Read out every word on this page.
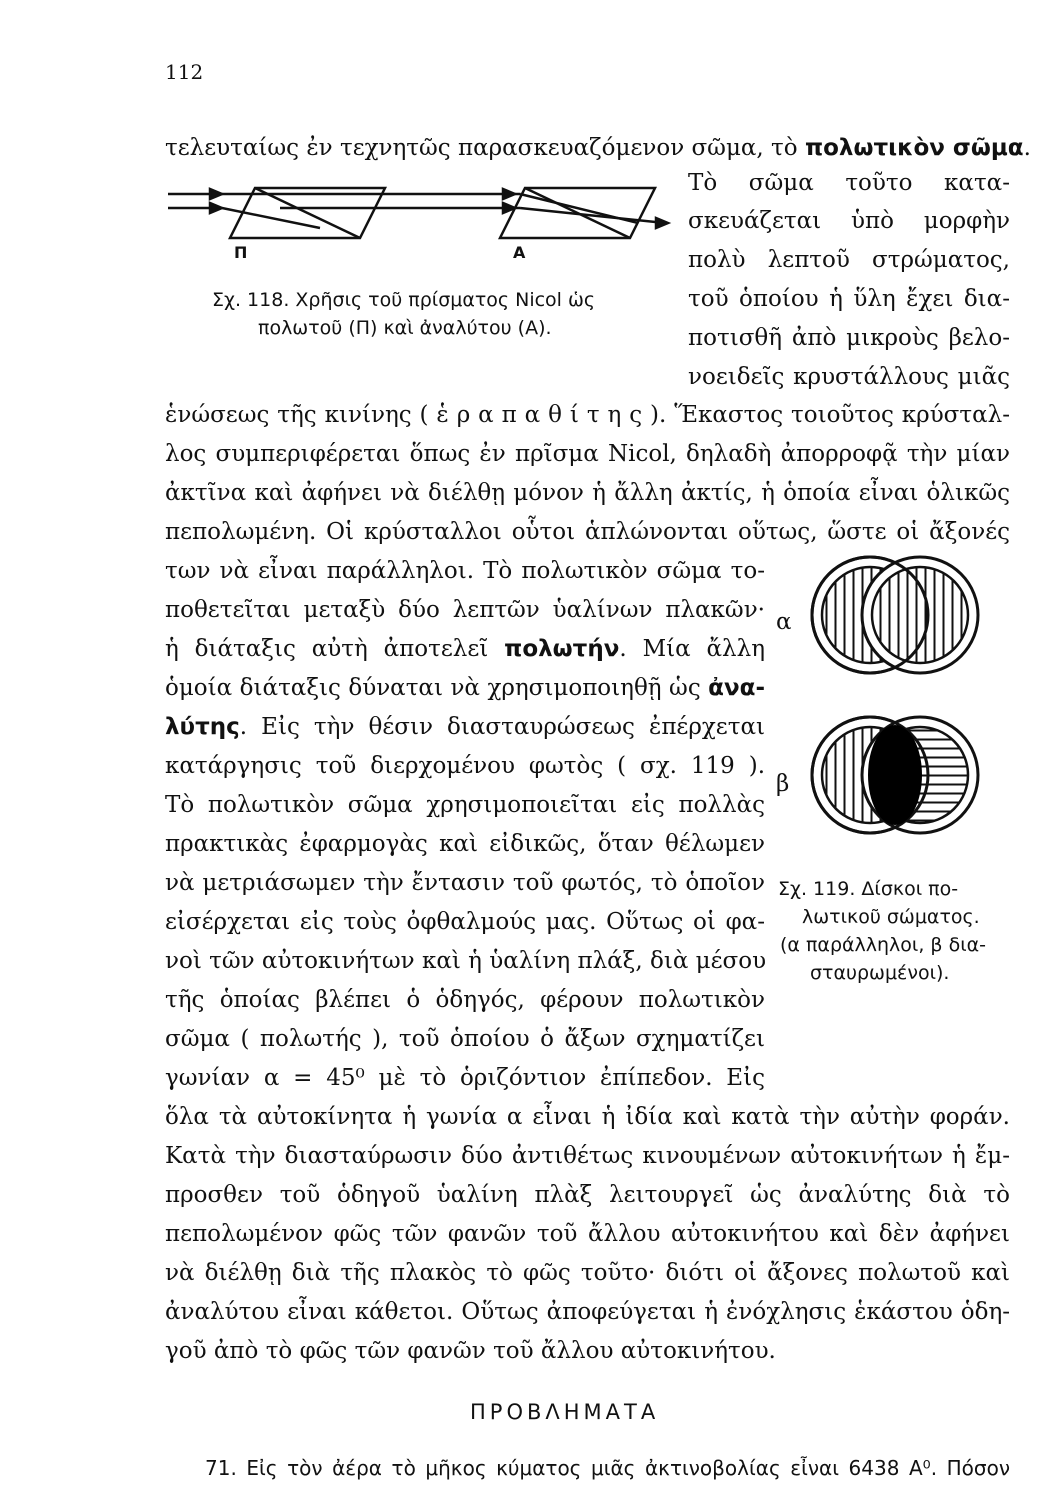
112
τελευταίως ἐν τεχνητῶς παρασκευαζόμενον σῶμα, τὸ πολωτικὸν σῶμα.
Π	Α
Σχ. 118. Χρῆσις τοῦ πρίσματος Nicol ὡς
πολωτοῦ (Π) καὶ ἀναλύτου (Α).
Τὸ σῶμα τοῦτο κατα-
σκευάζεται ὑπὸ μορφὴν
πολὺ λεπτοῦ στρώματος,
τοῦ ὁποίου ἡ ὕλη ἔχει δια-
ποτισθῆ ἀπὸ μικροὺς βελο-
νοειδεῖς κρυστάλλους μιᾶς
ἑνώσεως τῆς κινίνης ( ἑ ρ α π α θ ί τ η ς ). Ἕκαστος τοιοῦτος κρύσταλ-
λος συμπεριφέρεται ὅπως ἐν πρῖσμα Nicol, δηλαδὴ ἀπορροφᾷ τὴν μίαν
ἀκτῖνα καὶ ἀφήνει νὰ διέλθῃ μόνον ἡ ἄλλη ἀκτίς, ἡ ὁποία εἶναι ὁλικῶς
πεπολωμένη. Οἱ κρύσταλλοι οὗτοι ἁπλώνονται οὕτως, ὥστε οἱ ἄξονές
των νὰ εἶναι παράλληλοι. Τὸ πολωτικὸν σῶμα το-
ποθετεῖται μεταξὺ δύο λεπτῶν ὑαλίνων πλακῶν·
ἡ διάταξις αὐτὴ ἀποτελεῖ πολωτήν. Μία ἄλλη
ὁμοία διάταξις δύναται νὰ χρησιμοποιηθῇ ὡς ἀνα-
λύτης. Εἰς τὴν θέσιν διασταυρώσεως ἐπέρχεται
κατάργησις τοῦ διερχομένου φωτὸς ( σχ. 119 ).
Τὸ πολωτικὸν σῶμα χρησιμοποιεῖται εἰς πολλὰς
πρακτικὰς ἐφαρμογὰς καὶ εἰδικῶς, ὅταν θέλωμεν
νὰ μετριάσωμεν τὴν ἔντασιν τοῦ φωτός, τὸ ὁποῖον
εἰσέρχεται εἰς τοὺς ὀφθαλμούς μας. Οὕτως οἱ φα-
νοὶ τῶν αὐτοκινήτων καὶ ἡ ὑαλίνη πλάξ, διὰ μέσου
τῆς ὁποίας βλέπει ὁ ὁδηγός, φέρουν πολωτικὸν
σῶμα ( πολωτής ), τοῦ ὁποίου ὁ ἄξων σχηματίζει
γωνίαν α = 45⁰ μὲ τὸ ὁριζόντιον ἐπίπεδον. Εἰς
α
β
Σχ. 119. Δίσκοι πο-
λωτικοῦ σώματος.
(α παράλληλοι, β δια-
σταυρωμένοι).
ὅλα τὰ αὐτοκίνητα ἡ γωνία α εἶναι ἡ ἰδία καὶ κατὰ τὴν αὐτὴν φοράν.
Κατὰ τὴν διασταύρωσιν δύο ἀντιθέτως κινουμένων αὐτοκινήτων ἡ ἔμ-
προσθεν τοῦ ὁδηγοῦ ὑαλίνη πλὰξ λειτουργεῖ ὡς ἀναλύτης διὰ τὸ
πεπολωμένον φῶς τῶν φανῶν τοῦ ἄλλου αὐτοκινήτου καὶ δὲν ἀφήνει
νὰ διέλθῃ διὰ τῆς πλακὸς τὸ φῶς τοῦτο· διότι οἱ ἄξονες πολωτοῦ καὶ
ἀναλύτου εἶναι κάθετοι. Οὕτως ἀποφεύγεται ἡ ἐνόχλησις ἑκάστου ὁδη-
γοῦ ἀπὸ τὸ φῶς τῶν φανῶν τοῦ ἄλλου αὐτοκινήτου.
ΠΡΟΒΛΗΜΑΤΑ
71. Εἰς τὸν ἀέρα τὸ μῆκος κύματος μιᾶς ἀκτινοβολίας εἶναι 6438 A⁰. Πόσον
